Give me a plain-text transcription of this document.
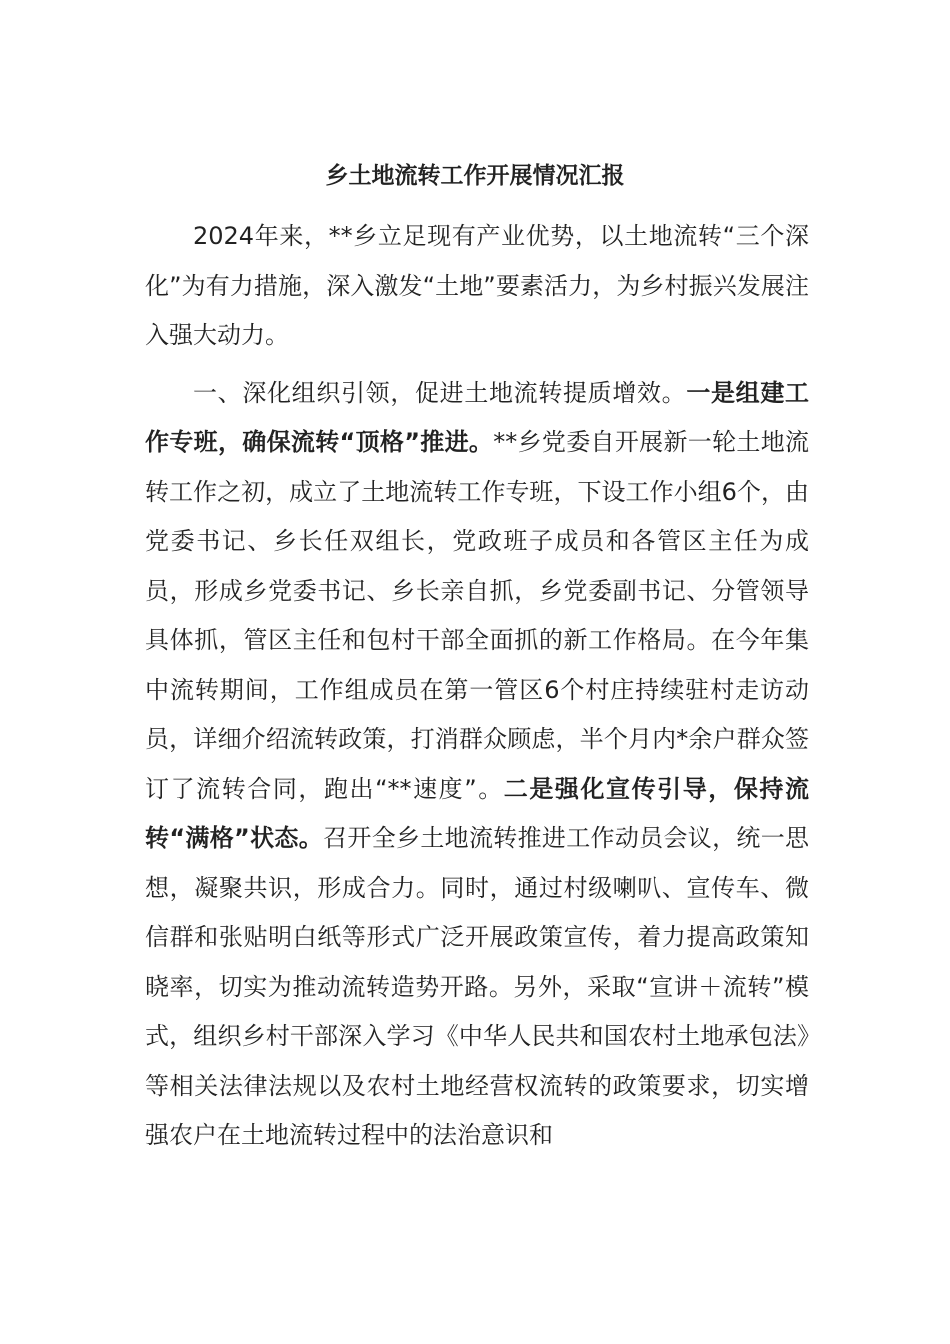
乡土地流转工作开展情况汇报

2024年来，**乡立足现有产业优势，以土地流转“三个深化”为有力措施，深入激发“土地”要素活力，为乡村振兴发展注入强大动力。

一、深化组织引领，促进土地流转提质增效。一是组建工作专班，确保流转“顶格”推进。**乡党委自开展新一轮土地流转工作之初，成立了土地流转工作专班，下设工作小组6个，由党委书记、乡长任双组长，党政班子成员和各管区主任为成员，形成乡党委书记、乡长亲自抓，乡党委副书记、分管领导具体抓，管区主任和包村干部全面抓的新工作格局。在今年集中流转期间，工作组成员在第一管区6个村庄持续驻村走访动员，详细介绍流转政策，打消群众顾虑，半个月内*余户群众签订了流转合同，跑出“**速度”。二是强化宣传引导，保持流转“满格”状态。召开全乡土地流转推进工作动员会议，统一思想，凝聚共识，形成合力。同时，通过村级喇叭、宣传车、微信群和张贴明白纸等形式广泛开展政策宣传，着力提高政策知晓率，切实为推动流转造势开路。另外，采取“宣讲＋流转”模式，组织乡村干部深入学习《中华人民共和国农村土地承包法》等相关法律法规以及农村土地经营权流转的政策要求，切实增强农户在土地流转过程中的法治意识和
